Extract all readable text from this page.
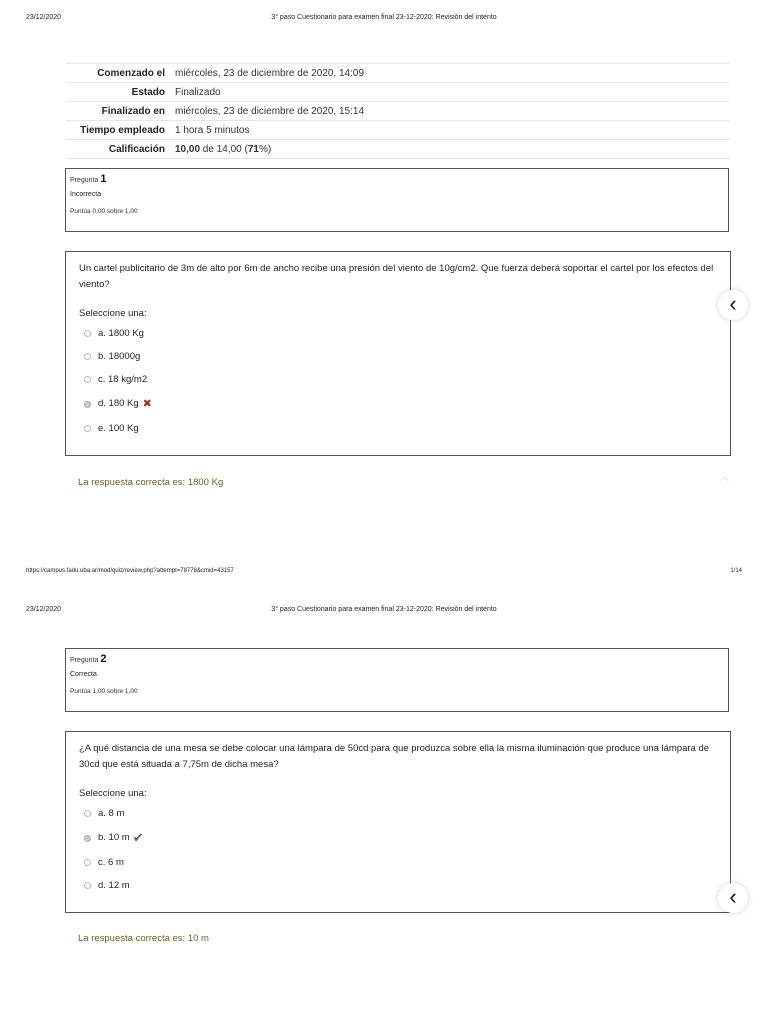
23/12/2020	3° paso Cuestionario para examen final 23-12-2020: Revisión del intento
Comenzado el	miércoles, 23 de diciembre de 2020, 14:09
Estado	Finalizado
Finalizado en	miércoles, 23 de diciembre de 2020, 15:14
Tiempo empleado	1 hora 5 minutos
Calificación	10,00 de 14,00 (71%)
Pregunta 1
Incorrecta
Puntúa 0,00 sobre 1,00

Un cartel publicitario de 3m de alto por 6m de ancho recibe una presión del viento de 10g/cm2. Que fuerza deberá soportar el cartel por los efectos del viento?

Seleccione una:
a. 1800 Kg
b. 18000g
c. 18 kg/m2
d. 180 Kg ✖
e. 100 Kg
‹
La respuesta correcta es: 1800 Kg	︿
https://campus.fadu.uba.ar/mod/quiz/review.php?attempt=78778&cmid=43157	1/14
23/12/2020	3° paso Cuestionario para examen final 23-12-2020: Revisión del intento
Pregunta 2
Correcta
Puntúa 1,00 sobre 1,00

¿A qué distancia de una mesa se debe colocar una lámpara de 50cd para que produzca sobre ella la misma iluminación que produce una lámpara de 30cd que está situada a 7,75m de dicha mesa?

Seleccione una:
a. 8 m
b. 10 m ✔
c. 6 m
d. 12 m	‹
La respuesta correcta es: 10 m
